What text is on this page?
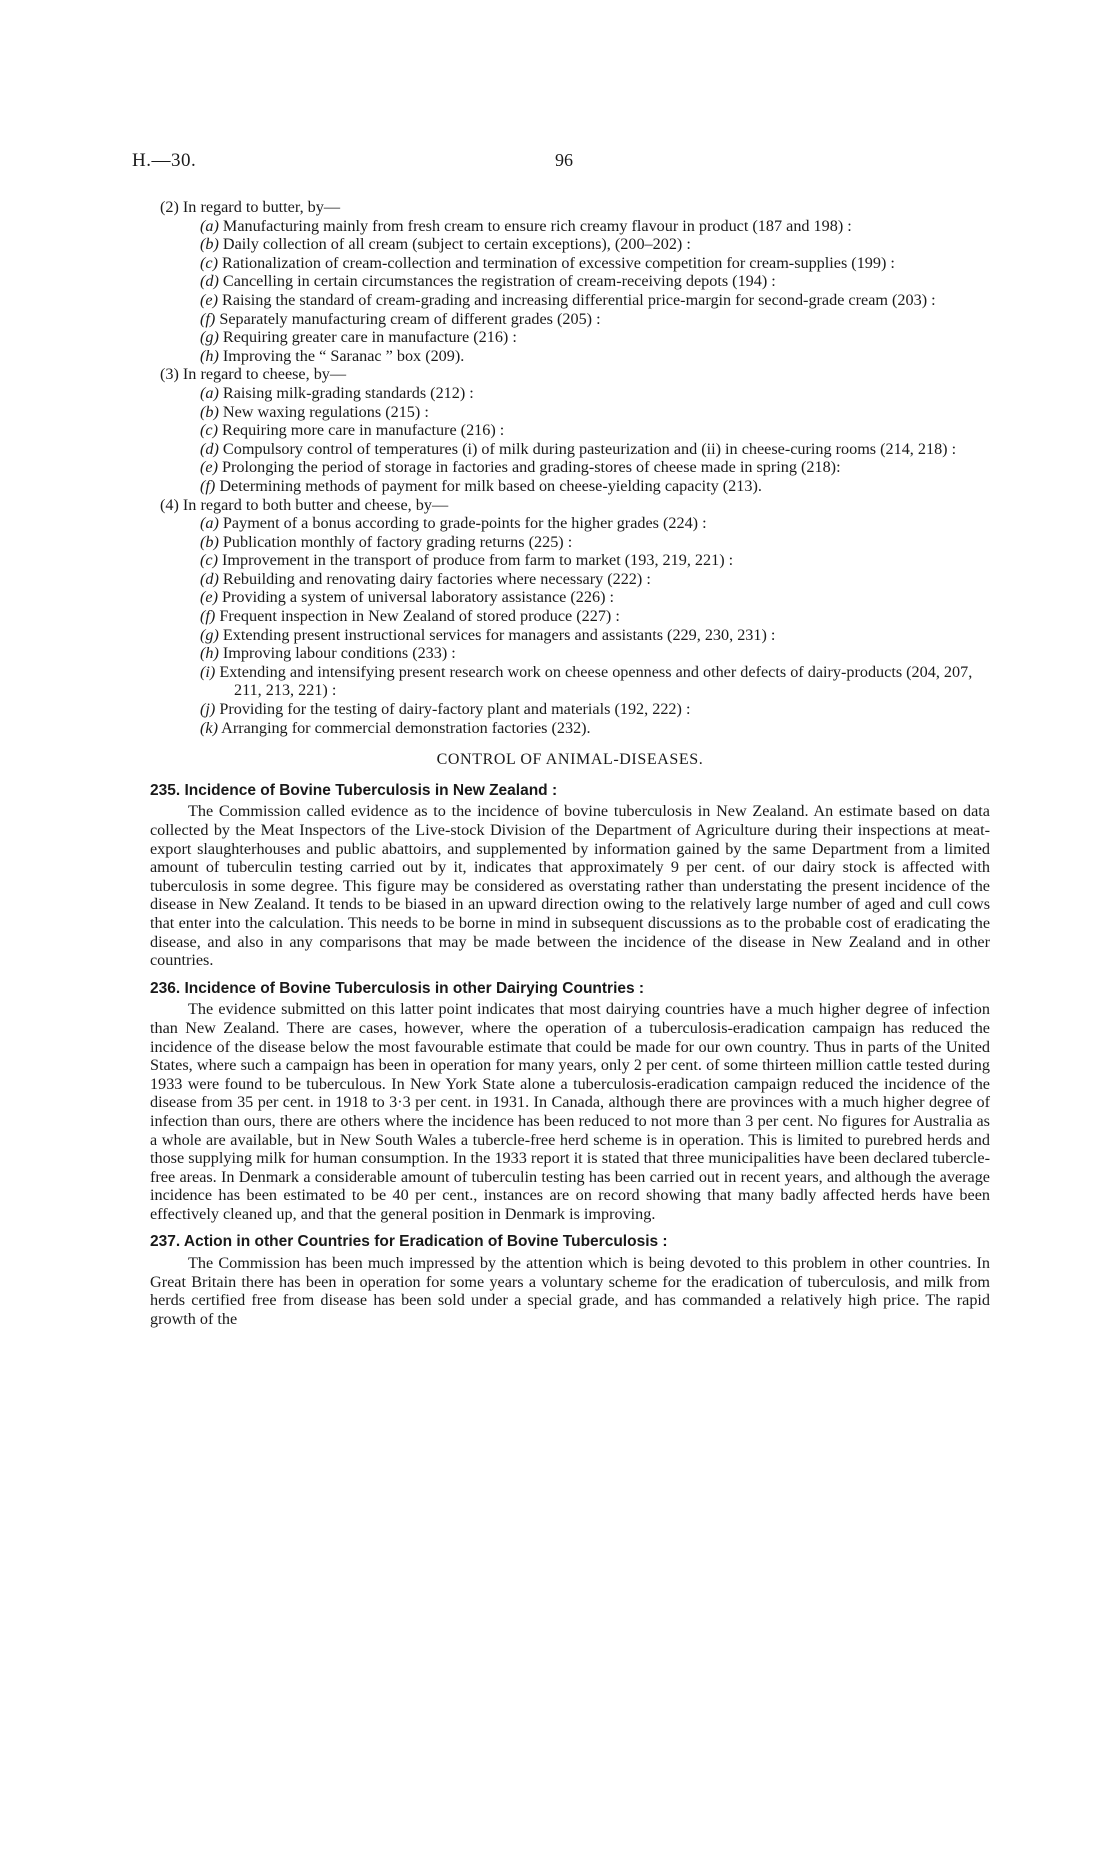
H.—30.	96
(2) In regard to butter, by—
(a) Manufacturing mainly from fresh cream to ensure rich creamy flavour in product (187 and 198) :
(b) Daily collection of all cream (subject to certain exceptions), (200–202) :
(c) Rationalization of cream-collection and termination of excessive competition for cream-supplies (199) :
(d) Cancelling in certain circumstances the registration of cream-receiving depots (194) :
(e) Raising the standard of cream-grading and increasing differential price-margin for second-grade cream (203) :
(f) Separately manufacturing cream of different grades (205) :
(g) Requiring greater care in manufacture (216) :
(h) Improving the “ Saranac ” box (209).
(3) In regard to cheese, by—
(a) Raising milk-grading standards (212) :
(b) New waxing regulations (215) :
(c) Requiring more care in manufacture (216) :
(d) Compulsory control of temperatures (i) of milk during pasteurization and (ii) in cheese-curing rooms (214, 218) :
(e) Prolonging the period of storage in factories and grading-stores of cheese made in spring (218):
(f) Determining methods of payment for milk based on cheese-yielding capacity (213).
(4) In regard to both butter and cheese, by—
(a) Payment of a bonus according to grade-points for the higher grades (224) :
(b) Publication monthly of factory grading returns (225) :
(c) Improvement in the transport of produce from farm to market (193, 219, 221) :
(d) Rebuilding and renovating dairy factories where necessary (222) :
(e) Providing a system of universal laboratory assistance (226) :
(f) Frequent inspection in New Zealand of stored produce (227) :
(g) Extending present instructional services for managers and assistants (229, 230, 231) :
(h) Improving labour conditions (233) :
(i) Extending and intensifying present research work on cheese openness and other defects of dairy-products (204, 207, 211, 213, 221) :
(j) Providing for the testing of dairy-factory plant and materials (192, 222) :
(k) Arranging for commercial demonstration factories (232).
CONTROL OF ANIMAL-DISEASES.
235. Incidence of Bovine Tuberculosis in New Zealand :

The Commission called evidence as to the incidence of bovine tuberculosis in New Zealand. An estimate based on data collected by the Meat Inspectors of the Live-stock Division of the Department of Agriculture during their inspections at meat-export slaughterhouses and public abattoirs, and supplemented by information gained by the same Department from a limited amount of tuberculin testing carried out by it, indicates that approximately 9 per cent. of our dairy stock is affected with tuberculosis in some degree. This figure may be considered as overstating rather than understating the present incidence of the disease in New Zealand. It tends to be biased in an upward direction owing to the relatively large number of aged and cull cows that enter into the calculation. This needs to be borne in mind in subsequent discussions as to the probable cost of eradicating the disease, and also in any comparisons that may be made between the incidence of the disease in New Zealand and in other countries.

236. Incidence of Bovine Tuberculosis in other Dairying Countries :

The evidence submitted on this latter point indicates that most dairying countries have a much higher degree of infection than New Zealand. There are cases, however, where the operation of a tuberculosis-eradication campaign has reduced the incidence of the disease below the most favourable estimate that could be made for our own country. Thus in parts of the United States, where such a campaign has been in operation for many years, only 2 per cent. of some thirteen million cattle tested during 1933 were found to be tuberculous. In New York State alone a tuberculosis-eradication campaign reduced the incidence of the disease from 35 per cent. in 1918 to 3·3 per cent. in 1931. In Canada, although there are provinces with a much higher degree of infection than ours, there are others where the incidence has been reduced to not more than 3 per cent. No figures for Australia as a whole are available, but in New South Wales a tubercle-free herd scheme is in operation. This is limited to purebred herds and those supplying milk for human consumption. In the 1933 report it is stated that three municipalities have been declared tubercle-free areas. In Denmark a considerable amount of tuberculin testing has been carried out in recent years, and although the average incidence has been estimated to be 40 per cent., instances are on record showing that many badly affected herds have been effectively cleaned up, and that the general position in Denmark is improving.

237. Action in other Countries for Eradication of Bovine Tuberculosis :

The Commission has been much impressed by the attention which is being devoted to this problem in other countries. In Great Britain there has been in operation for some years a voluntary scheme for the eradication of tuberculosis, and milk from herds certified free from disease has been sold under a special grade, and has commanded a relatively high price. The rapid growth of the
